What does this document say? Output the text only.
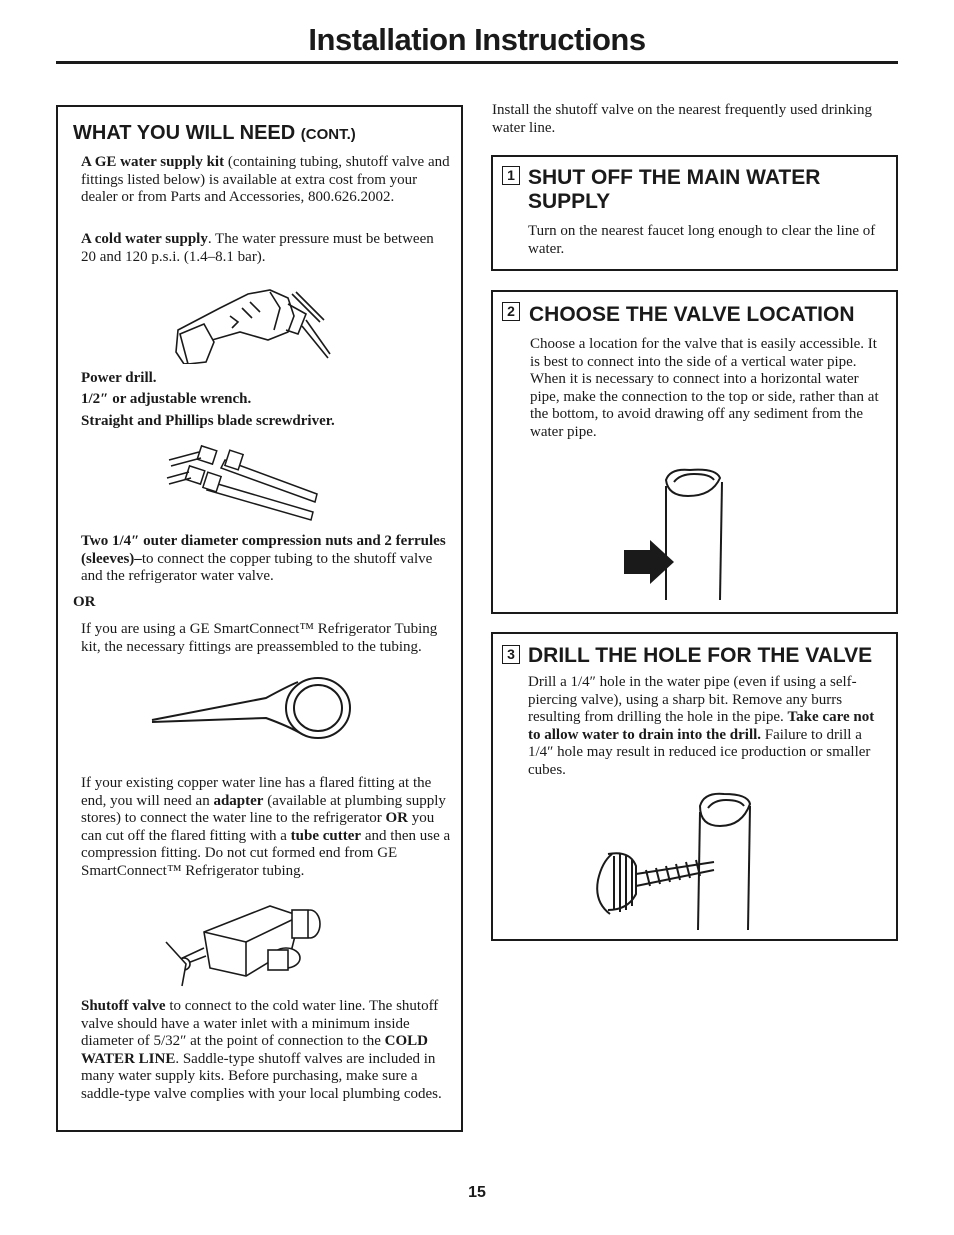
Installation Instructions
WHAT YOU WILL NEED (CONT.)

A GE water supply kit (containing tubing, shutoff valve and fittings listed below) is available at extra cost from your dealer or from Parts and Accessories, 800.626.2002.

A cold water supply. The water pressure must be between 20 and 120 p.s.i. (1.4–8.1 bar).

Power drill.

1/2″ or adjustable wrench.

Straight and Phillips blade screwdriver.

Two 1/4″ outer diameter compression nuts and 2 ferrules (sleeves)–to connect the copper tubing to the shutoff valve and the refrigerator water valve.

OR

If you are using a GE SmartConnect™ Refrigerator Tubing kit, the necessary fittings are preassembled to the tubing.

If your existing copper water line has a flared fitting at the end, you will need an adapter (available at plumbing supply stores) to connect the water line to the refrigerator OR you can cut off the flared fitting with a tube cutter and then use a compression fitting. Do not cut formed end from GE SmartConnect™ Refrigerator tubing.

Shutoff valve to connect to the cold water line. The shutoff valve should have a water inlet with a minimum inside diameter of 5/32″ at the point of connection to the COLD WATER LINE. Saddle-type shutoff valves are included in many water supply kits. Before purchasing, make sure a saddle-type valve complies with your local plumbing codes.

Install the shutoff valve on the nearest frequently used drinking water line.

1 SHUT OFF THE MAIN WATER SUPPLY

Turn on the nearest faucet long enough to clear the line of water.

2 CHOOSE THE VALVE LOCATION

Choose a location for the valve that is easily accessible. It is best to connect into the side of a vertical water pipe. When it is necessary to connect into a horizontal water pipe, make the connection to the top or side, rather than at the bottom, to avoid drawing off any sediment from the water pipe.

3 DRILL THE HOLE FOR THE VALVE

Drill a 1/4″ hole in the water pipe (even if using a self-piercing valve), using a sharp bit. Remove any burrs resulting from drilling the hole in the pipe. Take care not to allow water to drain into the drill. Failure to drill a 1/4″ hole may result in reduced ice production or smaller cubes.

15
